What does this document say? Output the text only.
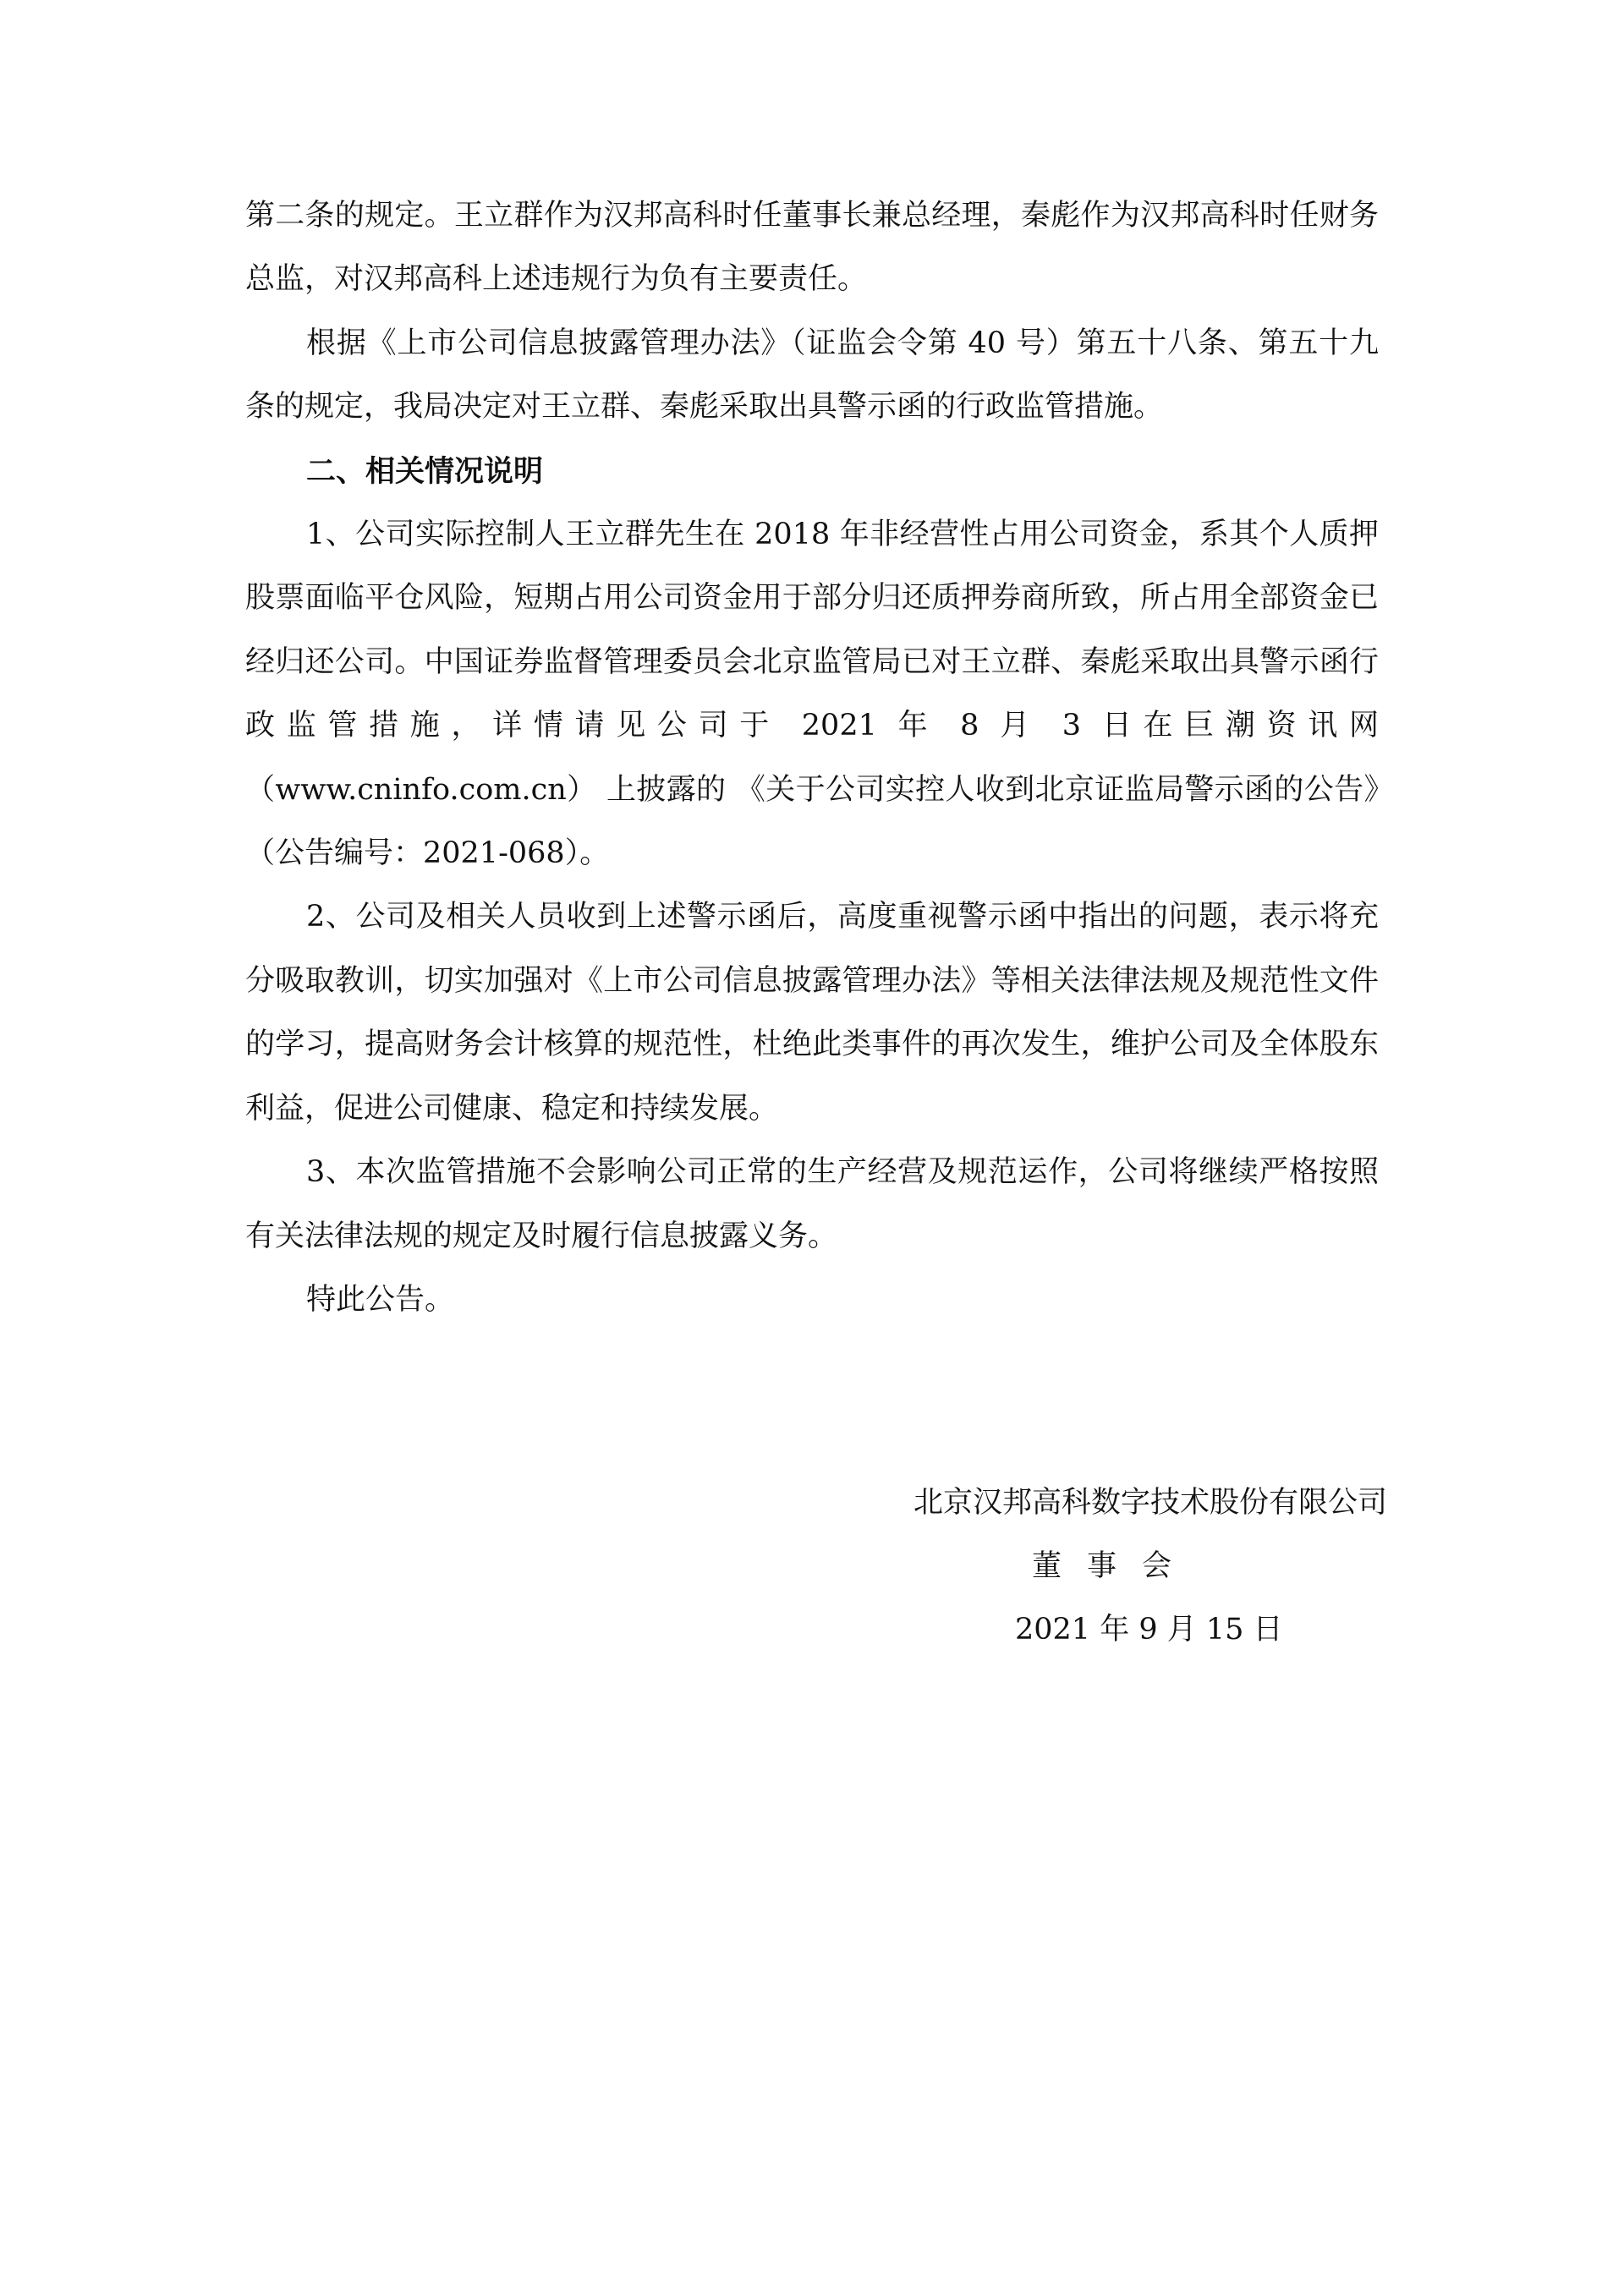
第二条的规定。王立群作为汉邦高科时任董事长兼总经理，秦彪作为汉邦高科时任财务总监，对汉邦高科上述违规行为负有主要责任。

根据《上市公司信息披露管理办法》（证监会令第 40 号）第五十八条、第五十九条的规定，我局决定对王立群、秦彪采取出具警示函的行政监管措施。

二、相关情况说明

1、公司实际控制人王立群先生在 2018 年非经营性占用公司资金，系其个人质押股票面临平仓风险，短期占用公司资金用于部分归还质押券商所致，所占用全部资金已经归还公司。中国证券监督管理委员会北京监管局已对王立群、秦彪采取出具警示函行政监管措施，详情请见公司于 2021 年 8 月 3 日在巨潮资讯网（www.cninfo.com.cn） 上披露的 《关于公司实控人收到北京证监局警示函的公告》（公告编号：2021-068）。

2、公司及相关人员收到上述警示函后，高度重视警示函中指出的问题，表示将充分吸取教训，切实加强对《上市公司信息披露管理办法》等相关法律法规及规范性文件的学习，提高财务会计核算的规范性，杜绝此类事件的再次发生，维护公司及全体股东利益，促进公司健康、稳定和持续发展。

3、本次监管措施不会影响公司正常的生产经营及规范运作，公司将继续严格按照有关法律法规的规定及时履行信息披露义务。

特此公告。

北京汉邦高科数字技术股份有限公司
董事会
2021 年 9 月 15 日
